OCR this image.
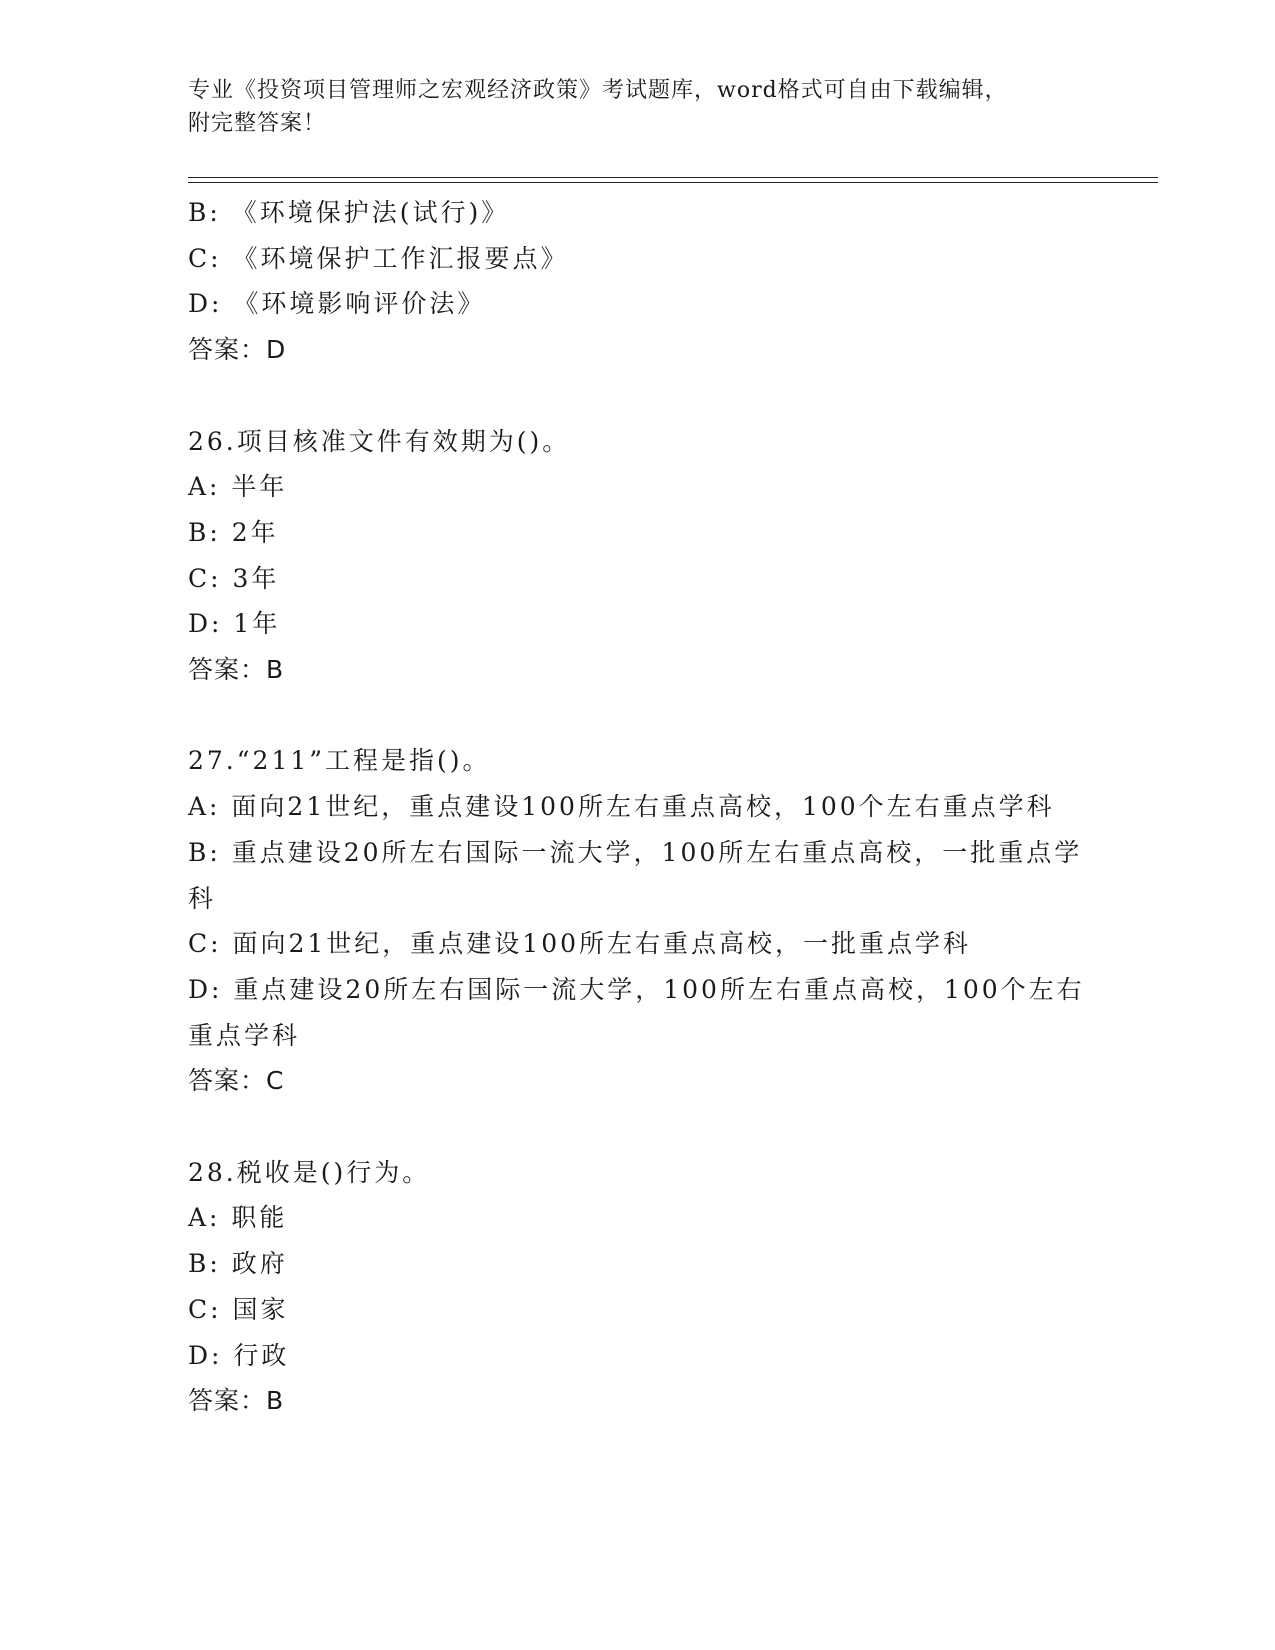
专业《投资项目管理师之宏观经济政策》考试题库，word格式可自由下载编辑，
附完整答案！
B: 《环境保护法(试行)》
C: 《环境保护工作汇报要点》
D: 《环境影响评价法》
答案：D
26.项目核准文件有效期为()。
A: 半年
B: 2年
C: 3年
D: 1年
答案：B
27.“211”工程是指()。
A: 面向21世纪，重点建设100所左右重点高校，100个左右重点学科
B: 重点建设20所左右国际一流大学，100所左右重点高校，一批重点学科
C: 面向21世纪，重点建设100所左右重点高校，一批重点学科
D: 重点建设20所左右国际一流大学，100所左右重点高校，100个左右重点学科
答案：C
28.税收是()行为。
A: 职能
B: 政府
C: 国家
D: 行政
答案：B
